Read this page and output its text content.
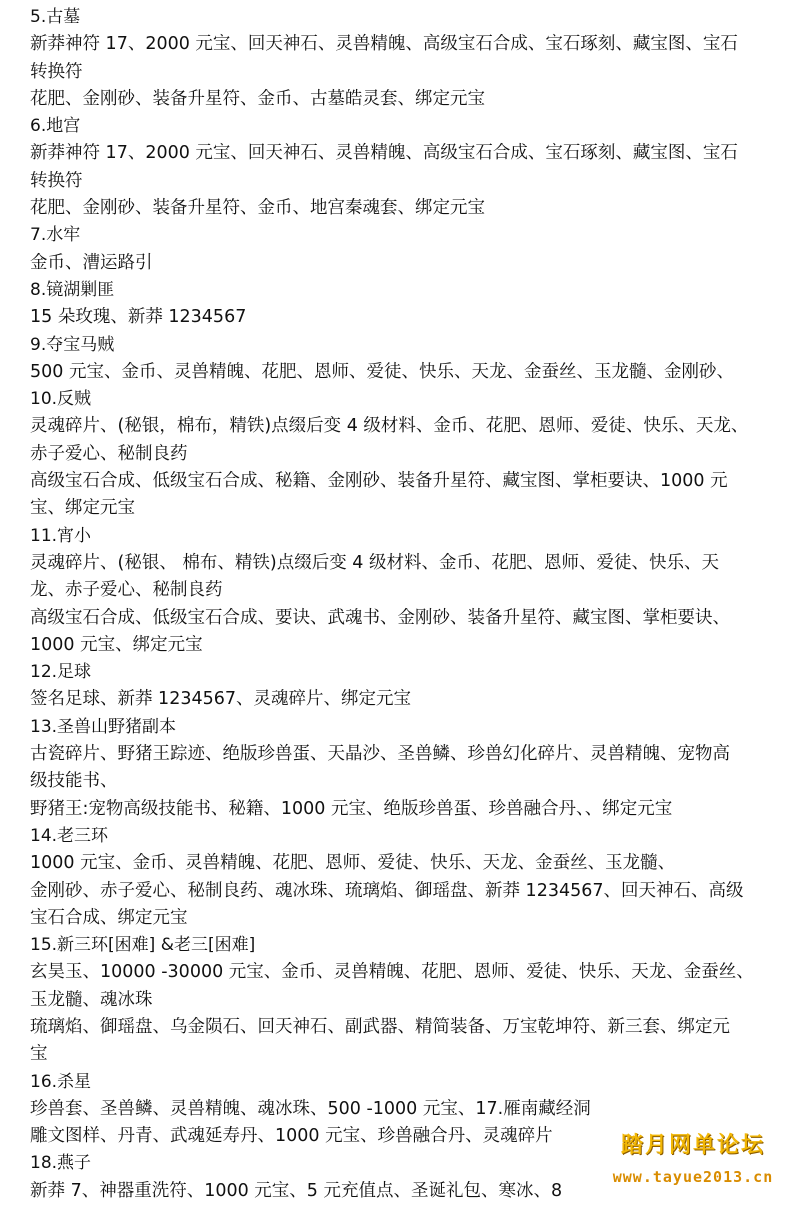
5.古墓
新莽神符 17、2000 元宝、回天神石、灵兽精魄、高级宝石合成、宝石琢刻、藏宝图、宝石
转换符
花肥、金刚砂、装备升星符、金币、古墓皓灵套、绑定元宝
6.地宫
新莽神符 17、2000 元宝、回天神石、灵兽精魄、高级宝石合成、宝石琢刻、藏宝图、宝石
转换符
花肥、金刚砂、装备升星符、金币、地宫秦魂套、绑定元宝
7.水牢
金币、漕运路引
8.镜湖剿匪
15 朵玫瑰、新莽 1234567
9.夺宝马贼
500 元宝、金币、灵兽精魄、花肥、恩师、爱徒、快乐、天龙、金蚕丝、玉龙髓、金刚砂、
10.反贼
灵魂碎片、(秘银，棉布，精铁)点缀后变 4 级材料、金币、花肥、恩师、爱徒、快乐、天龙、
赤子爱心、秘制良药
高级宝石合成、低级宝石合成、秘籍、金刚砂、装备升星符、藏宝图、掌柜要诀、1000 元
宝、绑定元宝
11.宵小
灵魂碎片、(秘银、 棉布、精铁)点缀后变 4 级材料、金币、花肥、恩师、爱徒、快乐、天
龙、赤子爱心、秘制良药
高级宝石合成、低级宝石合成、要诀、武魂书、金刚砂、装备升星符、藏宝图、掌柜要诀、
1000 元宝、绑定元宝
12.足球
签名足球、新莽 1234567、灵魂碎片、绑定元宝
13.圣兽山野猪副本
古瓷碎片、野猪王踪迹、绝版珍兽蛋、天晶沙、圣兽鳞、珍兽幻化碎片、灵兽精魄、宠物高
级技能书、
野猪王:宠物高级技能书、秘籍、1000 元宝、绝版珍兽蛋、珍兽融合丹、、绑定元宝
14.老三环
1000 元宝、金币、灵兽精魄、花肥、恩师、爱徒、快乐、天龙、金蚕丝、玉龙髓、
金刚砂、赤子爱心、秘制良药、魂冰珠、琉璃焰、御瑶盘、新莽 1234567、回天神石、高级
宝石合成、绑定元宝
15.新三环[困难] &老三[困难]
玄昊玉、10000 -30000 元宝、金币、灵兽精魄、花肥、恩师、爱徒、快乐、天龙、金蚕丝、
玉龙髓、魂冰珠
琉璃焰、御瑶盘、乌金陨石、回天神石、副武器、精简装备、万宝乾坤符、新三套、绑定元
宝
16.杀星
珍兽套、圣兽鳞、灵兽精魄、魂冰珠、500 -1000 元宝、17.雁南藏经洞
雕文图样、丹青、武魂延寿丹、1000 元宝、珍兽融合丹、灵魂碎片
18.燕子
新莽 7、神器重洗符、1000 元宝、5 元充值点、圣诞礼包、寒冰、8
踏月网单论坛
www.tayue2013.cn
